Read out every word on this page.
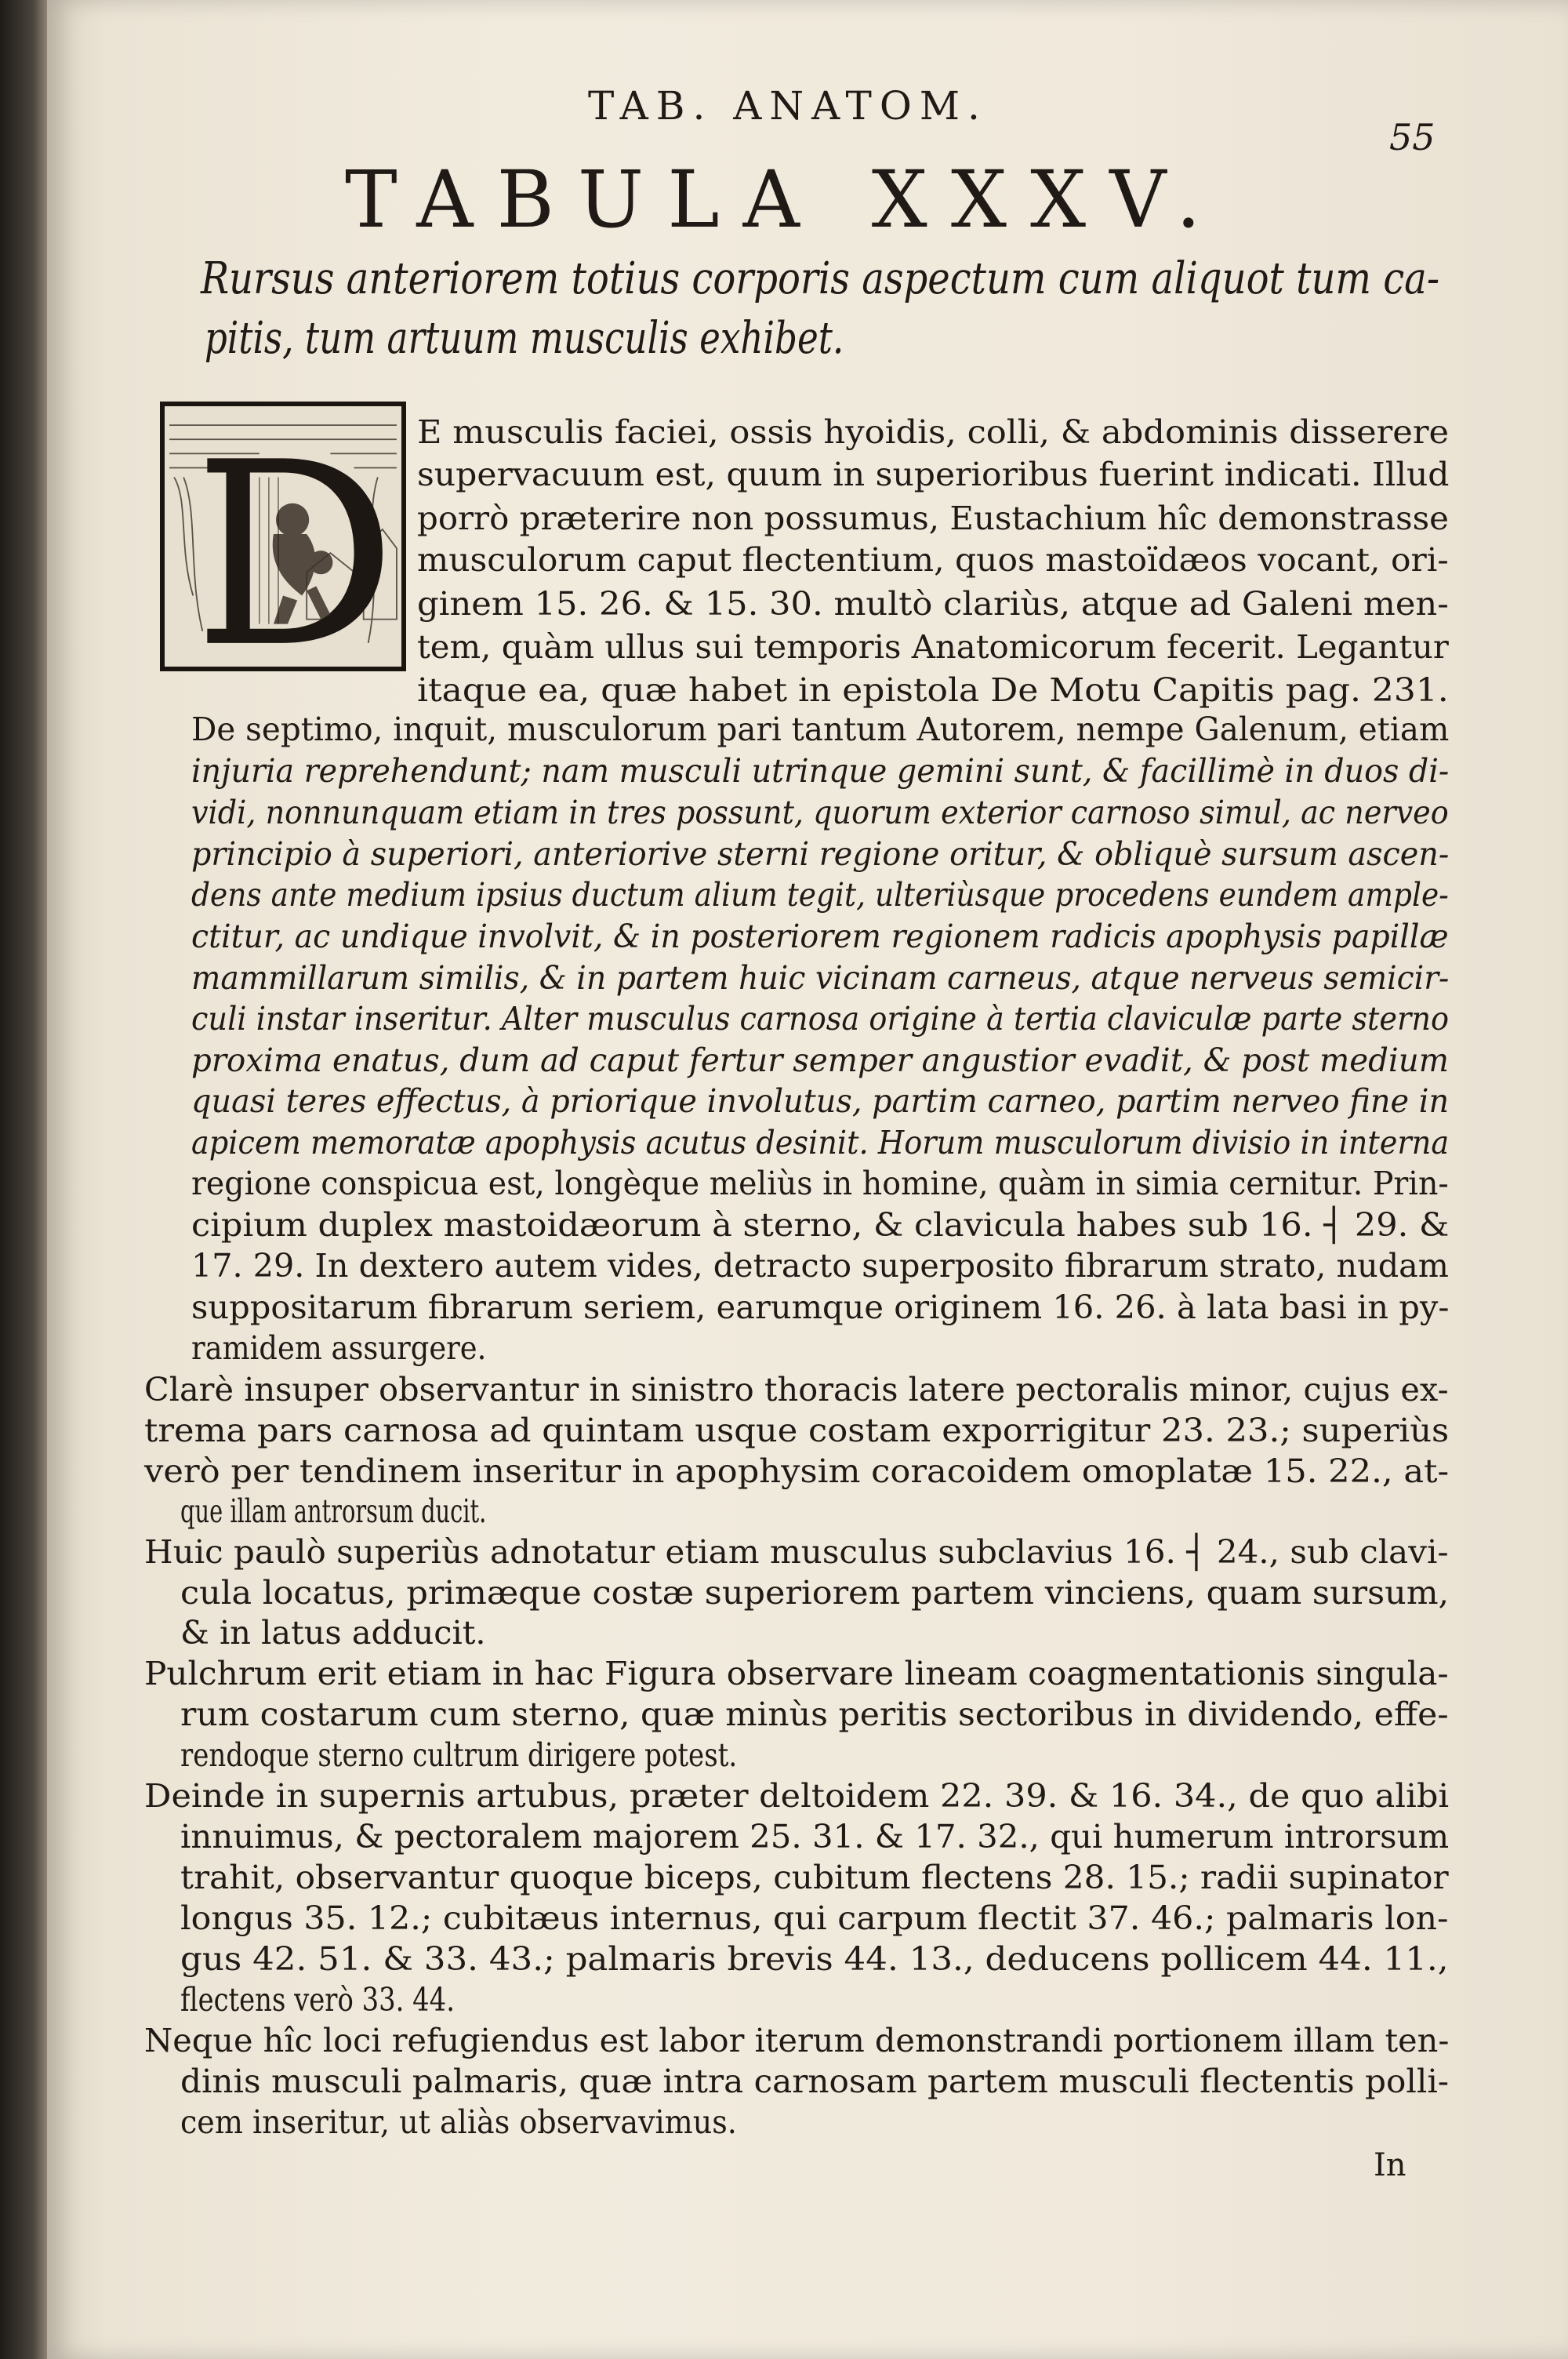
TAB. ANATOM.
55
TABULA XXXV.
Rursus anteriorem totius corporis aspectum cum aliquot tum ca-
pitis, tum artuum musculis exhibet.
E musculis faciei, ossis hyoidis, colli, & abdominis disserere
supervacuum est, quum in superioribus fuerint indicati. Illud
porrò præterire non possumus, Eustachium hîc demonstrasse
musculorum caput flectentium, quos mastoïdæos vocant, ori-
ginem 15. 26. & 15. 30. multò clariùs, atque ad Galeni men-
tem, quàm ullus sui temporis Anatomicorum fecerit. Legantur
itaque ea, quæ habet in epistola De Motu Capitis pag. 231.
De septimo, inquit, musculorum pari tantum Autorem, nempe Galenum, etiam
injuria reprehendunt; nam musculi utrinque gemini sunt, & facillimè in duos di-
vidi, nonnunquam etiam in tres possunt, quorum exterior carnoso simul, ac nerveo
principio à superiori, anteriorive sterni regione oritur, & obliquè sursum ascen-
dens ante medium ipsius ductum alium tegit, ulteriùsque procedens eundem ample-
ctitur, ac undique involvit, & in posteriorem regionem radicis apophysis papillæ
mammillarum similis, & in partem huic vicinam carneus, atque nerveus semicir-
culi instar inseritur. Alter musculus carnosa origine à tertia claviculæ parte sterno
proxima enatus, dum ad caput fertur semper angustior evadit, & post medium
quasi teres effectus, à priorique involutus, partim carneo, partim nerveo fine in
apicem memoratæ apophysis acutus desinit. Horum musculorum divisio in interna
regione conspicua est, longèque meliùs in homine, quàm in simia cernitur. Prin-
cipium duplex mastoidæorum à sterno, & clavicula habes sub 16. ┤ 29. &
17. 29. In dextero autem vides, detracto superposito fibrarum strato, nudam
suppositarum fibrarum seriem, earumque originem 16. 26. à lata basi in py-
ramidem assurgere.
Clarè insuper observantur in sinistro thoracis latere pectoralis minor, cujus ex-
trema pars carnosa ad quintam usque costam exporrigitur 23. 23.; superiùs
verò per tendinem inseritur in apophysim coracoidem omoplatæ 15. 22., at-
que illam antrorsum ducit.
Huic paulò superiùs adnotatur etiam musculus subclavius 16. ┤ 24., sub clavi-
cula locatus, primæque costæ superiorem partem vinciens, quam sursum,
& in latus adducit.
Pulchrum erit etiam in hac Figura observare lineam coagmentationis singula-
rum costarum cum sterno, quæ minùs peritis sectoribus in dividendo, effe-
rendoque sterno cultrum dirigere potest.
Deinde in supernis artubus, præter deltoidem 22. 39. & 16. 34., de quo alibi
innuimus, & pectoralem majorem 25. 31. & 17. 32., qui humerum introrsum
trahit, observantur quoque biceps, cubitum flectens 28. 15.; radii supinator
longus 35. 12.; cubitæus internus, qui carpum flectit 37. 46.; palmaris lon-
gus 42. 51. & 33. 43.; palmaris brevis 44. 13., deducens pollicem 44. 11.,
flectens verò 33. 44.
Neque hîc loci refugiendus est labor iterum demonstrandi portionem illam ten-
dinis musculi palmaris, quæ intra carnosam partem musculi flectentis polli-
cem inseritur, ut aliàs observavimus.
In
